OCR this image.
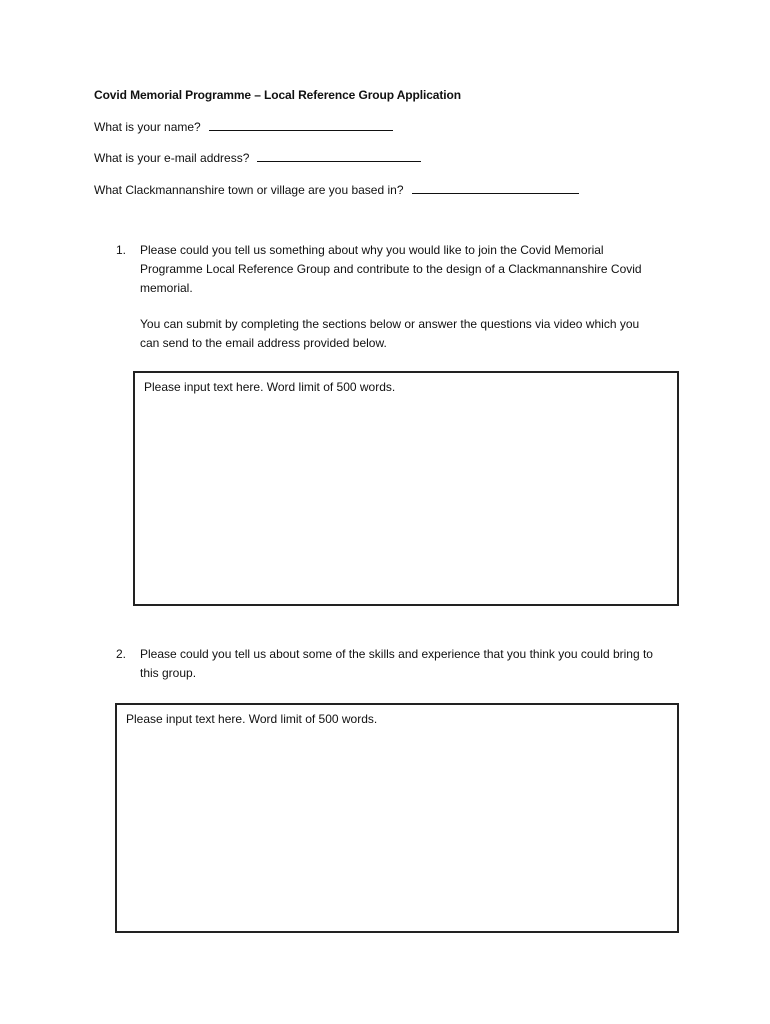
Covid Memorial Programme – Local Reference Group Application
What is your name?
What is your e-mail address?
What Clackmannanshire town or village are you based in?
1. Please could you tell us something about why you would like to join the Covid Memorial Programme Local Reference Group and contribute to the design of a Clackmannanshire Covid memorial.
You can submit by completing the sections below or answer the questions via video which you can send to the email address provided below.
Please input text here. Word limit of 500 words.
2. Please could you tell us about some of the skills and experience that you think you could bring to this group.
Please input text here. Word limit of 500 words.
